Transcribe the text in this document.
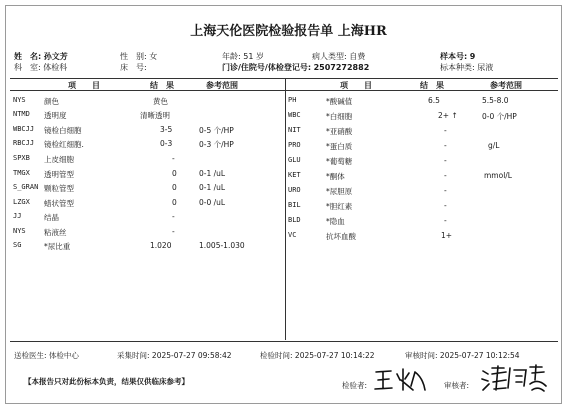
上海天伦医院检验报告单 上海HR
姓　名: 孙文芳	性　别: 女	年龄: 51 岁	病人类型: 自费	样本号: 9
科　室: 体检科	床　号:	门诊/住院号/体检登记号: 2507272882	标本种类: 尿液
项　　目	结　果	参考范围	项　　目	结　果	参考范围
NYS 颜色	黄色
NTMD 透明度	清晰透明
WBCJJ 镜检白细胞	3-5	0-5 个/HP
RBCJJ 镜检红细胞.	0-3	0-3 个/HP
SPXB 上皮细胞	-
TMGX 透明管型	0	0-1 /uL
S_GRAN 颗粒管型	0	0-1 /uL
LZGX 蜡状管型	0	0-0 /uL
JJ	结晶	-
NYS 粘液丝	-
SG	*尿比重	1.020	1.005-1.030
PH	*酸碱值	6.5	5.5-8.0
WBC	*白细胞	2+ ↑	0-0 个/HP
NIT	*亚硝酸	-
PRO	*蛋白质	-	g/L
GLU	*葡萄糖	-
KET	*酮体	-	mmol/L
URO	*尿胆原	-
BIL	*胆红素	-
BLD	*隐血	-
VC	抗坏血酸	1+
送检医生: 体检中心	采集时间: 2025-07-27 09:58:42	检验时间: 2025-07-27 10:14:22	审核时间: 2025-07-27 10:12:54
【本报告只对此份标本负责，结果仅供临床参考】	检验者:	审核者:
